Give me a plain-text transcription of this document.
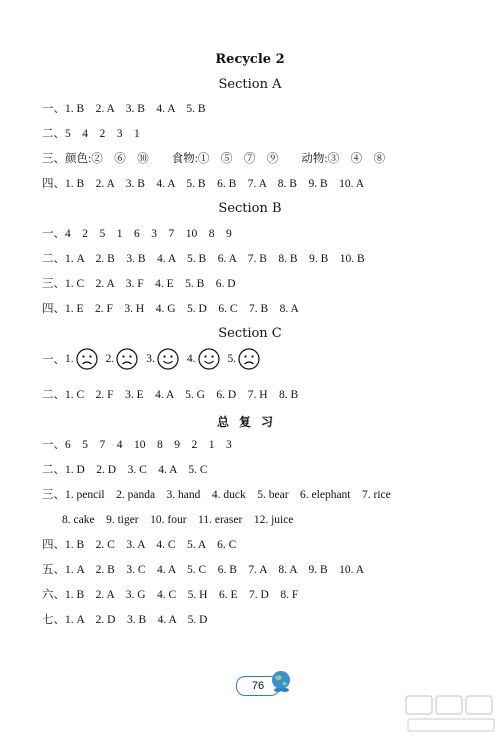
Recycle 2
Section A
一、1. B　2. A　3. B　4. A　5. B
二、5　4　2　3　1
三、颜色:②　⑥　⑩　　食物:①　⑤　⑦　⑨　　动物:③　④　⑧
四、1. B　2. A　3. B　4. A　5. B　6. B　7. A　8. B　9. B　10. A
Section B
一、4　2　5　1　6　3　7　10　8　9
二、1. A　2. B　3. B　4. A　5. B　6. A　7. B　8. B　9. B　10. B
三、1. C　2. A　3. F　4. E　5. B　6. D
四、1. E　2. F　3. H　4. G　5. D　6. C　7. B　8. A
Section C
一、1.	2.	3.	4.	5.
二、1. C　2. F　3. E　4. A　5. G　6. D　7. H　8. B
总复习
一、6　5　7　4　10　8　9　2　1　3
二、1. D　2. D　3. C　4. A　5. C
三、1. pencil　2. panda　3. hand　4. duck　5. bear　6. elephant　7. rice
8. cake　9. tiger　10. four　11. eraser　12. juice
四、1. B　2. C　3. A　4. C　5. A　6. C
五、1. A　2. B　3. C　4. A　5. C　6. B　7. A　8. A　9. B　10. A
六、1. B　2. A　3. G　4. C　5. H　6. E　7. D　8. F
七、1. A　2. D　3. B　4. A　5. D
76
